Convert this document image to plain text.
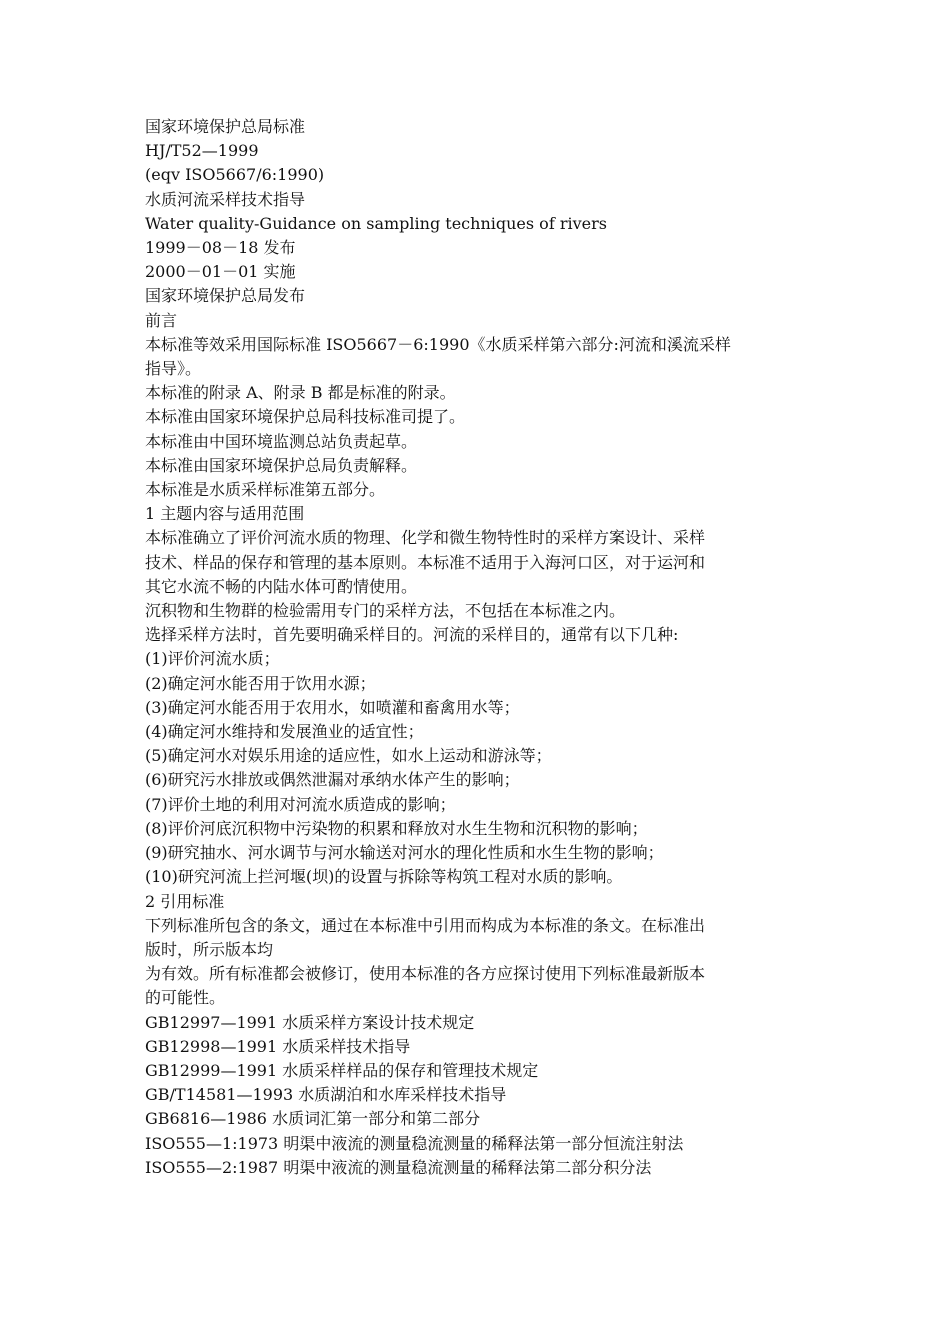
国家环境保护总局标准
HJ/T52—1999
(eqv ISO5667/6:1990)
水质河流采样技术指导
Water quality-Guidance on sampling techniques of rivers
1999－08－18 发布
2000－01－01 实施
国家环境保护总局发布
前言
本标准等效采用国际标准 ISO5667－6:1990《水质采样第六部分:河流和溪流采样
指导》。
本标准的附录 A、附录 B 都是标准的附录。
本标准由国家环境保护总局科技标准司提了。
本标准由中国环境监测总站负责起草。
本标准由国家环境保护总局负责解释。
本标准是水质采样标准第五部分。
1 主题内容与适用范围
本标准确立了评价河流水质的物理、化学和微生物特性时的采样方案设计、采样
技术、样品的保存和管理的基本原则。本标准不适用于入海河口区，对于运河和
其它水流不畅的内陆水体可酌情使用。
沉积物和生物群的检验需用专门的采样方法，不包括在本标准之内。
选择采样方法时，首先要明确采样目的。河流的采样目的，通常有以下几种:
(1)评价河流水质；
(2)确定河水能否用于饮用水源；
(3)确定河水能否用于农用水，如喷灌和畜禽用水等；
(4)确定河水维持和发展渔业的适宜性；
(5)确定河水对娱乐用途的适应性，如水上运动和游泳等；
(6)研究污水排放或偶然泄漏对承纳水体产生的影响；
(7)评价土地的利用对河流水质造成的影响；
(8)评价河底沉积物中污染物的积累和释放对水生生物和沉积物的影响；
(9)研究抽水、河水调节与河水输送对河水的理化性质和水生生物的影响；
(10)研究河流上拦河堰(坝)的设置与拆除等构筑工程对水质的影响。
2 引用标准
下列标准所包含的条文，通过在本标准中引用而构成为本标准的条文。在标准出
版时，所示版本均
为有效。所有标准都会被修订，使用本标准的各方应探讨使用下列标准最新版本
的可能性。
GB12997—1991 水质采样方案设计技术规定
GB12998—1991 水质采样技术指导
GB12999—1991 水质采样样品的保存和管理技术规定
GB/T14581—1993 水质湖泊和水库采样技术指导
GB6816—1986 水质词汇第一部分和第二部分
ISO555—1:1973 明渠中液流的测量稳流测量的稀释法第一部分恒流注射法
ISO555—2:1987 明渠中液流的测量稳流测量的稀释法第二部分积分法
